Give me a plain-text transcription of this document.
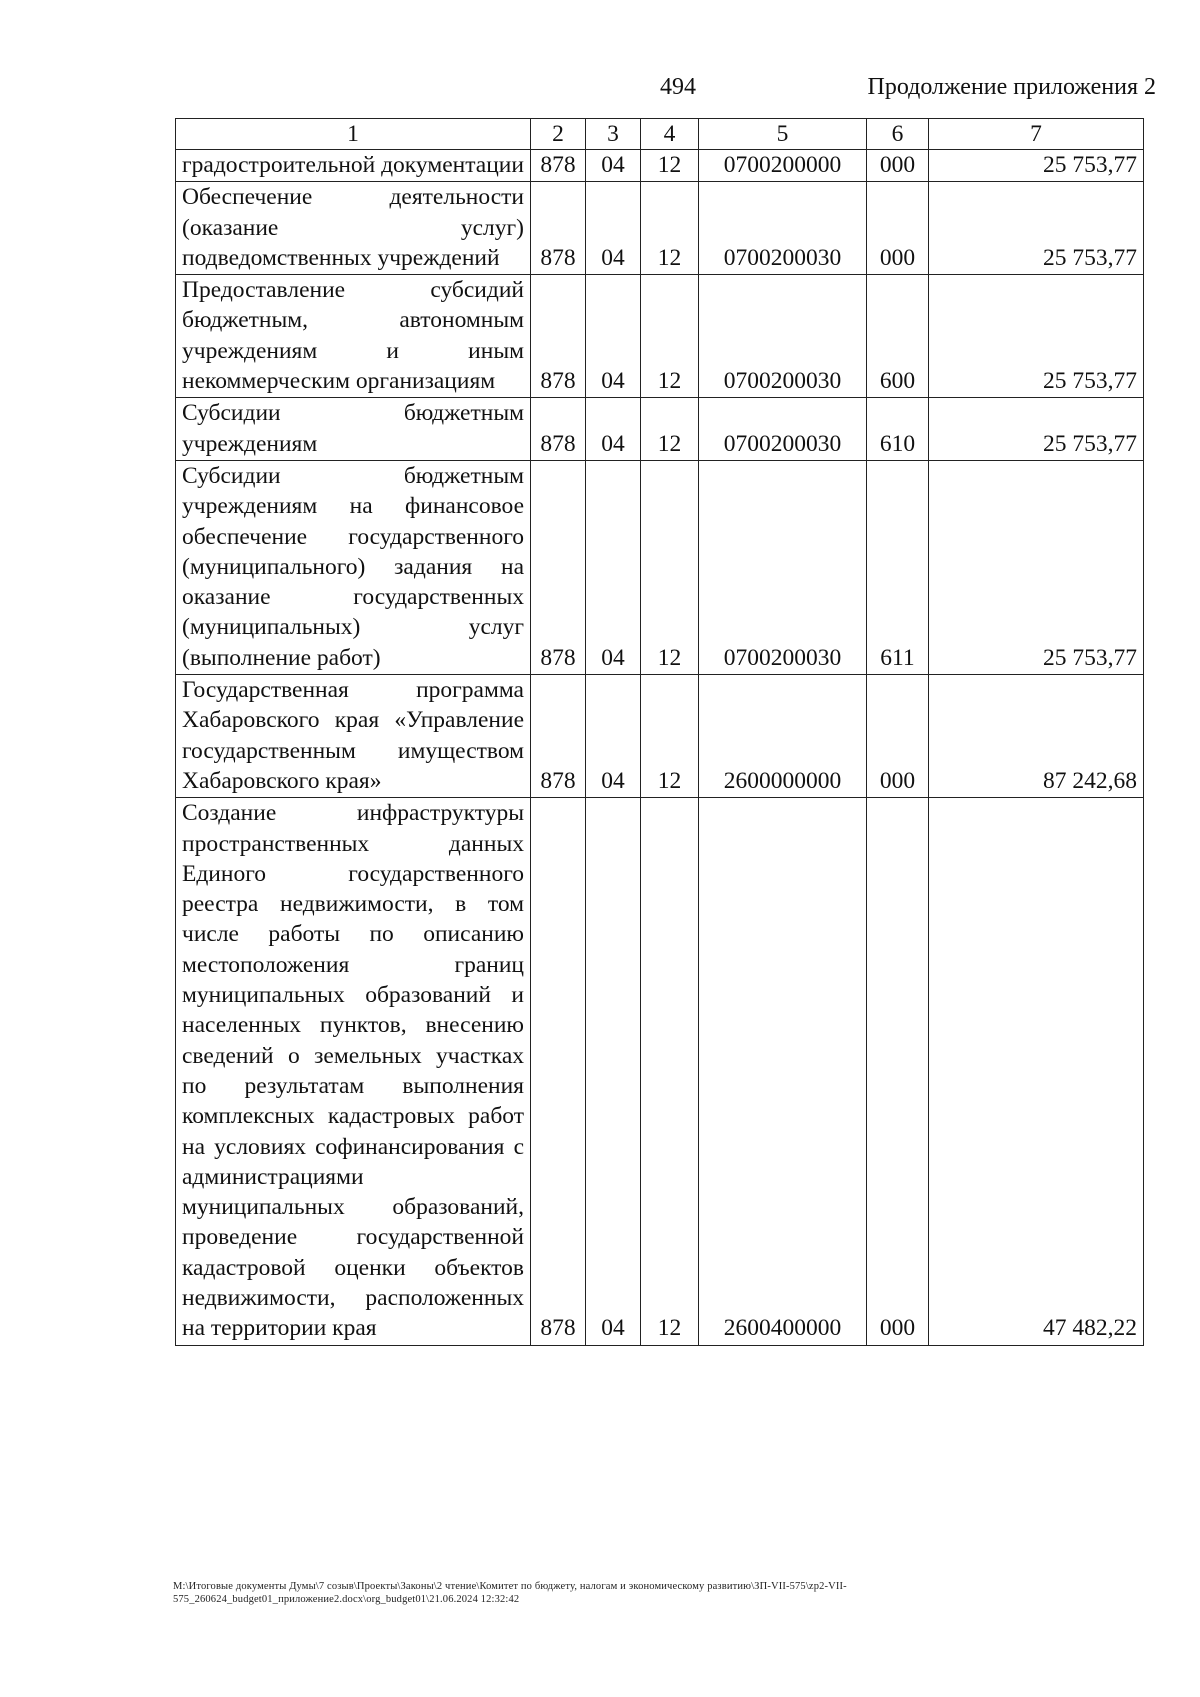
494	Продолжение приложения 2
1	2	3	4	5	6	7
градостроительной документации	878	04	12	0700200000	000	25 753,77
Обеспечение деятельности (оказание услуг) подведомственных учреждений	878	04	12	0700200030	000	25 753,77
Предоставление субсидий бюджетным, автономным учреждениям и иным некоммерческим организациям	878	04	12	0700200030	600	25 753,77
Субсидии бюджетным учреждениям	878	04	12	0700200030	610	25 753,77
Субсидии бюджетным учреждениям на финансовое обеспечение государственного (муниципального) задания на оказание государственных (муниципальных) услуг (выполнение работ)	878	04	12	0700200030	611	25 753,77
Государственная программа Хабаровского края «Управление государственным имуществом Хабаровского края»	878	04	12	2600000000	000	87 242,68
Создание инфраструктуры пространственных данных Единого государственного реестра недвижимости, в том числе работы по описанию местоположения границ муниципальных образований и населенных пунктов, внесению сведений о земельных участках по результатам выполнения комплексных кадастровых работ на условиях софинансирования с администрациями муниципальных образований, проведение государственной кадастровой оценки объектов недвижимости, расположенных на территории края	878	04	12	2600400000	000	47 482,22
M:\Итоговые документы Думы\7 созыв\Проекты\Законы\2 чтение\Комитет по бюджету, налогам и экономическому развитию\ЗП-VII-575\zp2-VII-575_260624_budget01_приложение2.docx\org_budget01\21.06.2024 12:32:42
